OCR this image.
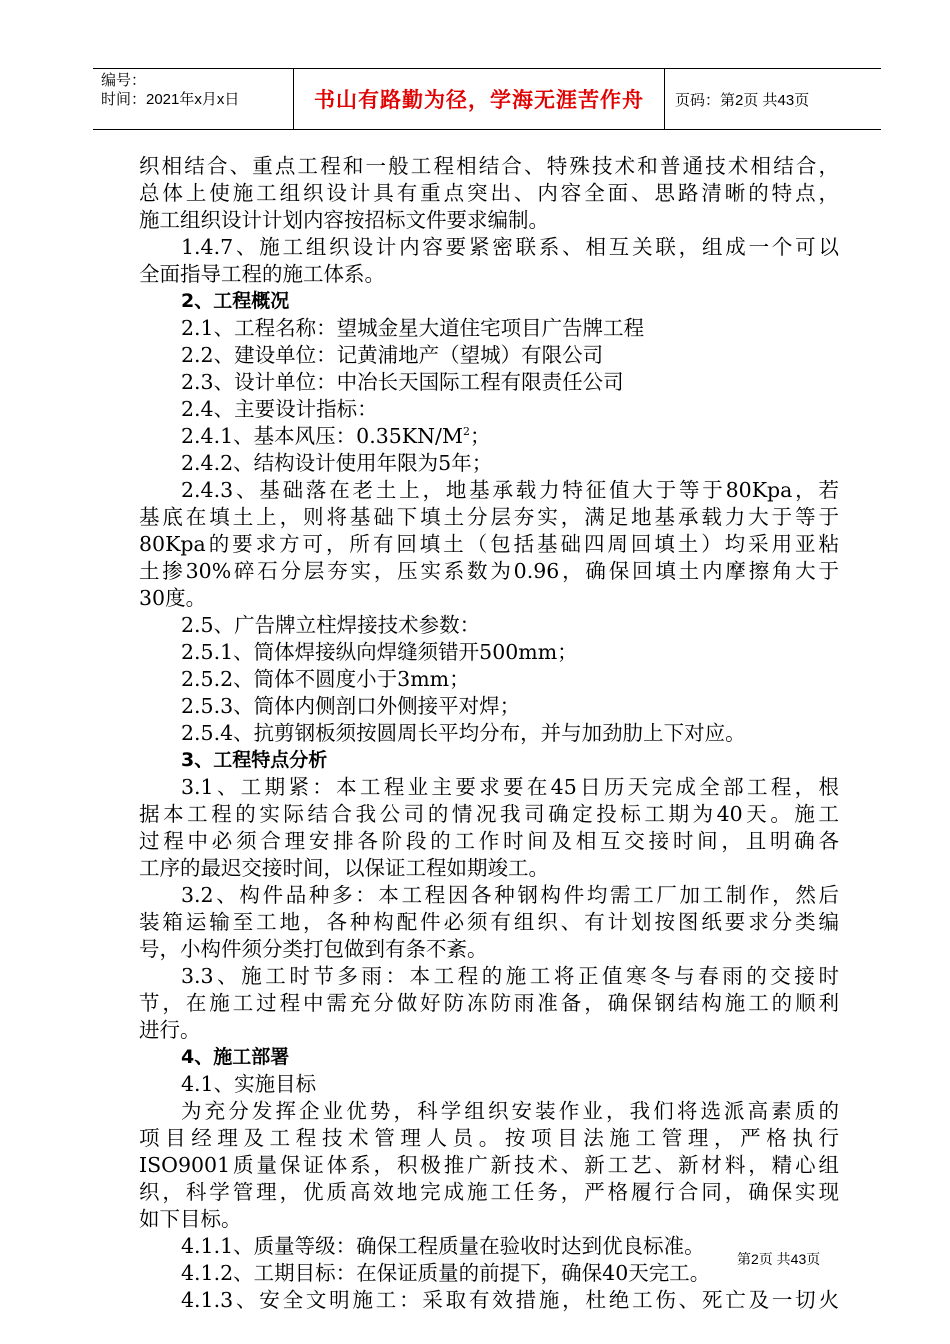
编号：
时间：2021年x月x日	书山有路勤为径，学海无涯苦作舟	页码：第2页 共43页
织相结合、重点工程和一般工程相结合、特殊技术和普通技术相结合，
总体上使施工组织设计具有重点突出、内容全面、思路清晰的特点，
施工组织设计计划内容按招标文件要求编制。
1.4.7、施工组织设计内容要紧密联系、相互关联，组成一个可以
全面指导工程的施工体系。
2、工程概况
2.1、工程名称：望城金星大道住宅项目广告牌工程
2.2、建设单位：记黄浦地产（望城）有限公司
2.3、设计单位：中冶长天国际工程有限责任公司
2.4、主要设计指标：
2.4.1、基本风压：$0.35KN/M^2$；
2.4.2、结构设计使用年限为5年；
2.4.3、基础落在老土上，地基承载力特征值大于等于80Kpa，若
基底在填土上，则将基础下填土分层夯实，满足地基承载力大于等于
80Kpa的要求方可，所有回填土（包括基础四周回填土）均采用亚粘
土掺30%碎石分层夯实，压实系数为0.96，确保回填土内摩擦角大于
30度。
2.5、广告牌立柱焊接技术参数：
2.5.1、筒体焊接纵向焊缝须错开500mm；
2.5.2、筒体不圆度小于3mm；
2.5.3、筒体内侧剖口外侧接平对焊；
2.5.4、抗剪钢板须按圆周长平均分布，并与加劲肋上下对应。
3、工程特点分析
3.1、工期紧：本工程业主要求要在45日历天完成全部工程，根
据本工程的实际结合我公司的情况我司确定投标工期为40天。施工
过程中必须合理安排各阶段的工作时间及相互交接时间，且明确各
工序的最迟交接时间，以保证工程如期竣工。
3.2、构件品种多：本工程因各种钢构件均需工厂加工制作，然后
装箱运输至工地，各种构配件必须有组织、有计划按图纸要求分类编
号，小构件须分类打包做到有条不紊。
3.3、施工时节多雨：本工程的施工将正值寒冬与春雨的交接时
节，在施工过程中需充分做好防冻防雨准备，确保钢结构施工的顺利
进行。
4、施工部署
4.1、实施目标
为充分发挥企业优势，科学组织安装作业，我们将选派高素质的
项目经理及工程技术管理人员。按项目法施工管理，严格执行
ISO9001质量保证体系，积极推广新技术、新工艺、新材料，精心组
织，科学管理，优质高效地完成施工任务，严格履行合同，确保实现
如下目标。
4.1.1、质量等级：确保工程质量在验收时达到优良标准。
4.1.2、工期目标：在保证质量的前提下，确保40天完工。
4.1.3、安全文明施工：采取有效措施，杜绝工伤、死亡及一切火
第2页 共43页
